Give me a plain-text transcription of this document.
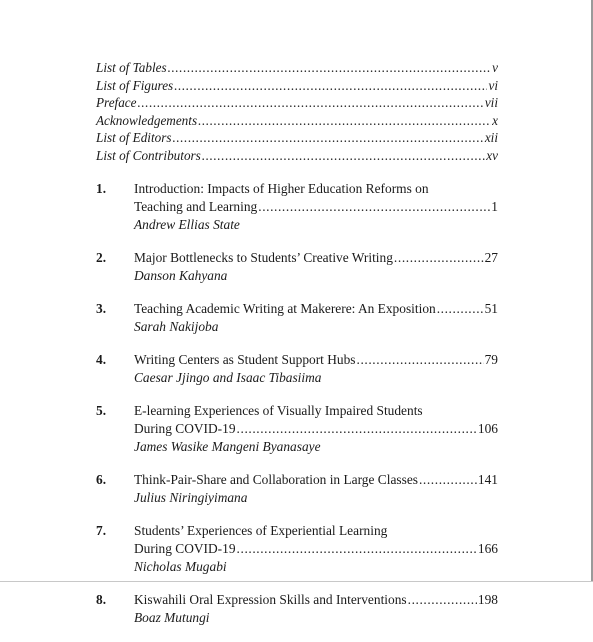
List of Tables .....	v
List of Figures .....	vi
Preface .....	vii
Acknowledgements .....	x
List of Editors .....	xii
List of Contributors .....	xv
1.	Introduction: Impacts of Higher Education Reforms on
Teaching and Learning .....	1
Andrew Ellias State
2.	Major Bottlenecks to Students’ Creative Writing .....	27
Danson Kahyana
3.	Teaching Academic Writing at Makerere: An Exposition .....	51
Sarah Nakijoba
4.	Writing Centers as Student Support Hubs .....	79
Caesar Jjingo and Isaac Tibasiima
5.	E-learning Experiences of Visually Impaired Students
During COVID-19 .....	106
James Wasike Mangeni Byanasaye
6.	Think-Pair-Share and Collaboration in Large Classes .....	141
Julius Niringiyimana
7.	Students’ Experiences of Experiential Learning
During COVID-19 .....	166
Nicholas Mugabi
8.	Kiswahili Oral Expression Skills and Interventions .....	198
Boaz Mutungi
